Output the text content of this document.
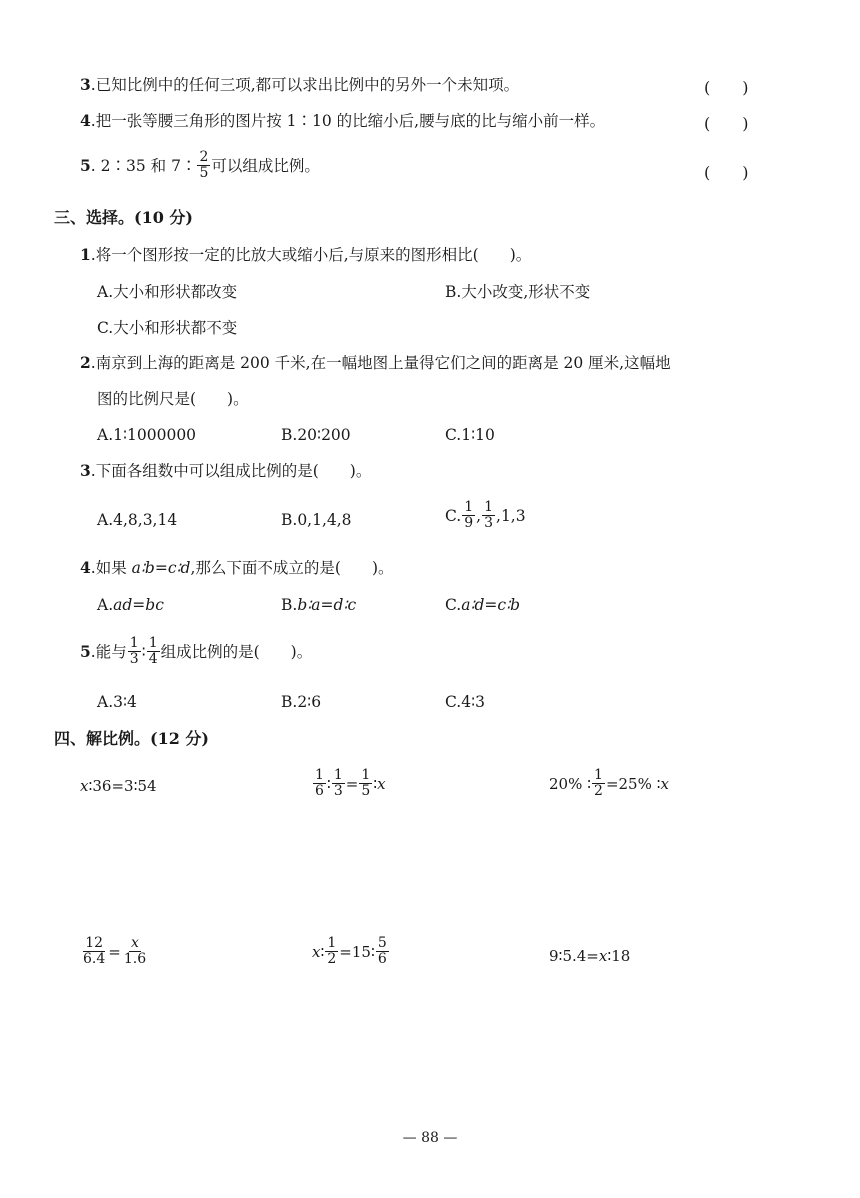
3.已知比例中的任何三项,都可以求出比例中的另外一个未知项。	(　　)
4.把一张等腰三角形的图片按 1∶10 的比缩小后,腰与底的比与缩小前一样。	(　　)
5 . 2∶35 和 7∶ $\frac{2}{5}$ 可以组成比例。	(　　)
三、选择。(10 分)
1.将一个图形按一定的比放大或缩小后,与原来的图形相比(　　)。
A.大小和形状都改变	B.大小改变,形状不变
C.大小和形状都不变
2.南京到上海的距离是 200 千米,在一幅地图上量得它们之间的距离是 20 厘米,这幅地
图的比例尺是(　　)。
A.1∶1000000	B.20∶200	C.1∶10
3.下面各组数中可以组成比例的是(　　)。
A.4,8,3,14	B.0,1,4,8	C. $\frac{1}{9}$ , $\frac{1}{3} ,1,3$
4.如果 a∶b=c∶d,那么下面不成立的是(　　)。
A.ad=bc	B.b∶a=d∶c	C.a∶d=c∶b
5 .能与 $\frac{1}{3}$ ∶ $\frac{1}{4}$ 组成比例的是(　　)。
A.3∶4	B.2∶6	C.4∶3
四、解比例。(12 分)
x ∶36=3∶54	$\frac{1}{6}$ ∶ $\frac{1}{3} = \frac{1}{5}$ ∶ x	20% ∶ $\frac{1}{2} =25\%$ ∶ x
$\frac{12}{6.4} = \frac{x}{1.6}$	x ∶ $\frac{1}{2}$ =15∶ $\frac{5}{6}$	9∶5.4= x ∶18
— 88 —
